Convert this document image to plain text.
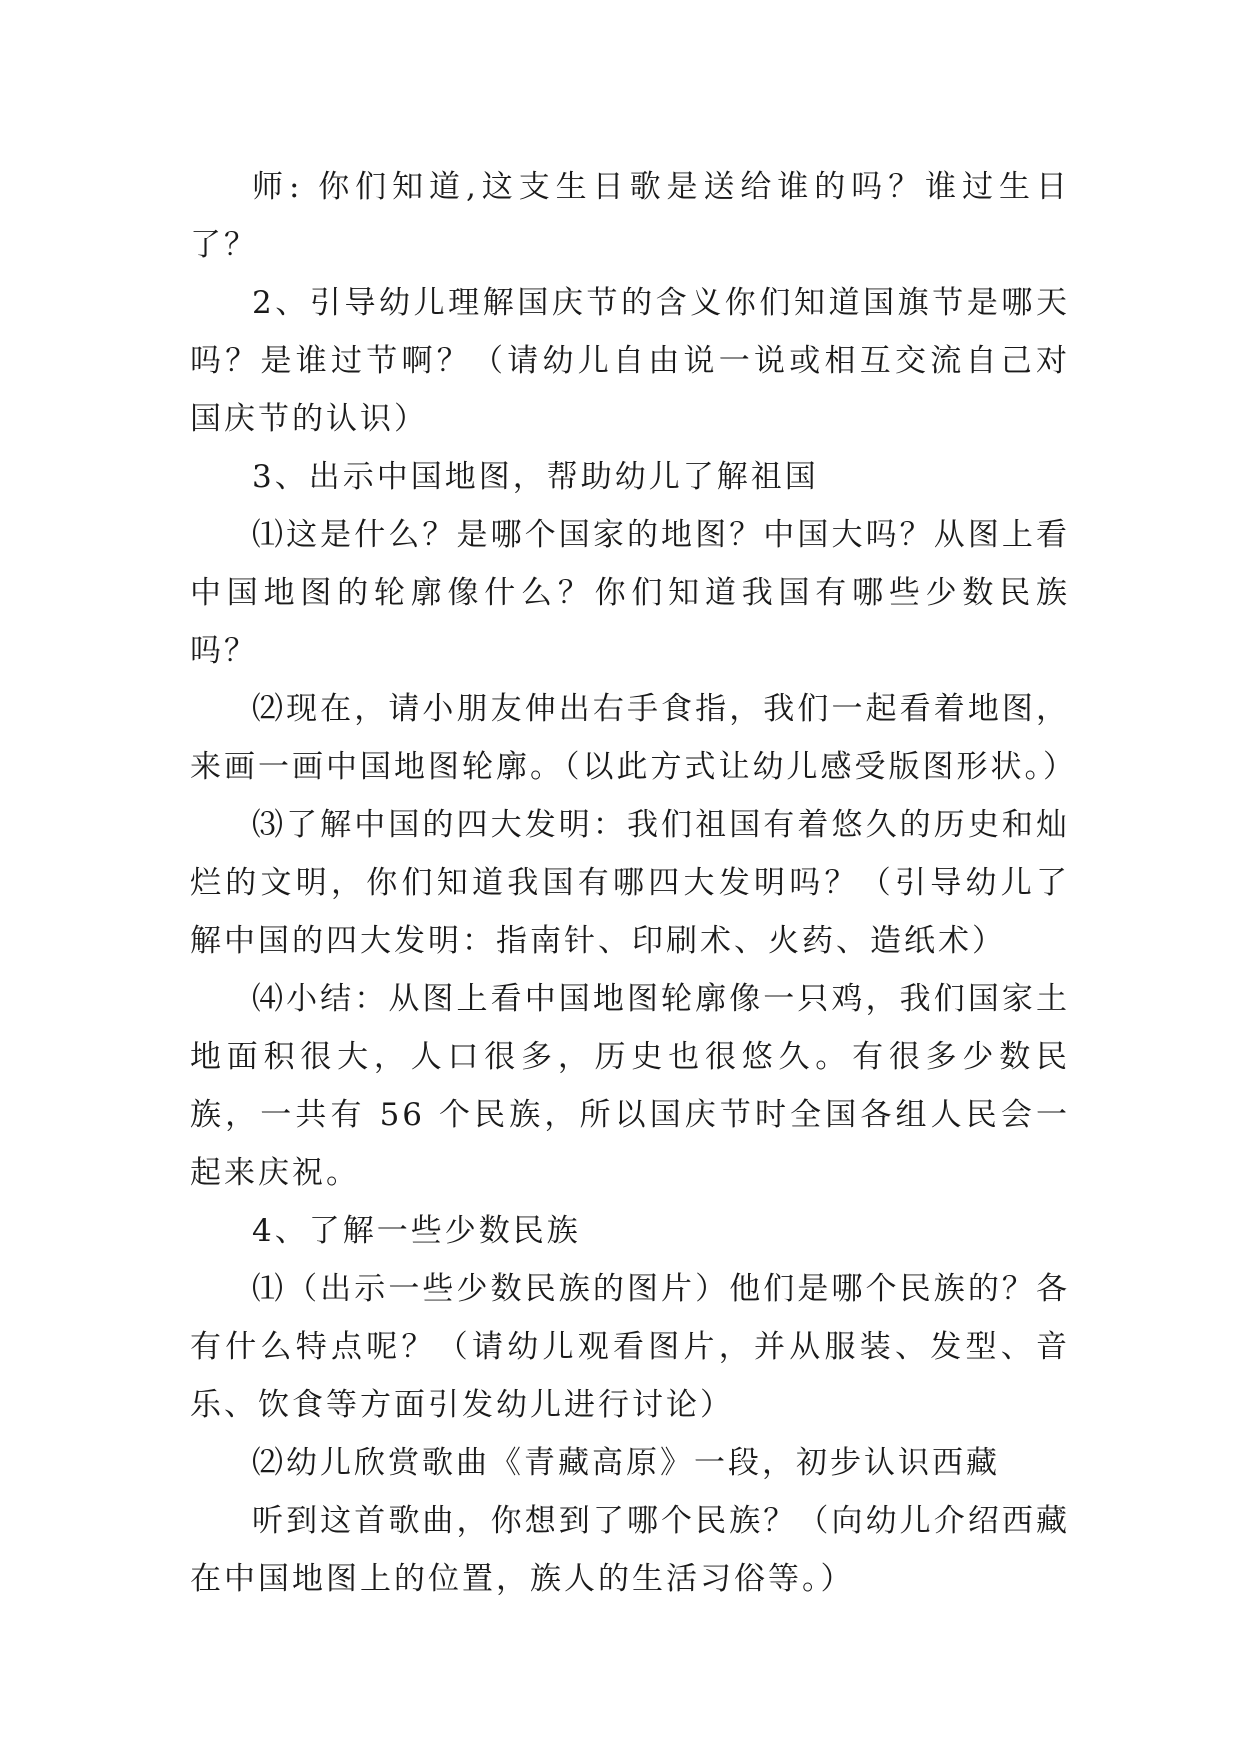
师: 你们知道,这支生日歌是送给谁的吗？谁过生日了？

2、引导幼儿理解国庆节的含义你们知道国旗节是哪天吗？是谁过节啊？（请幼儿自由说一说或相互交流自己对国庆节的认识）

3、出示中国地图，帮助幼儿了解祖国

⑴这是什么？是哪个国家的地图？中国大吗？从图上看中国地图的轮廓像什么？你们知道我国有哪些少数民族吗？

⑵现在，请小朋友伸出右手食指，我们一起看着地图，来画一画中国地图轮廓。（以此方式让幼儿感受版图形状。）

⑶了解中国的四大发明：我们祖国有着悠久的历史和灿烂的文明，你们知道我国有哪四大发明吗？（引导幼儿了解中国的四大发明：指南针、印刷术、火药、造纸术）

⑷小结：从图上看中国地图轮廓像一只鸡，我们国家土地面积很大，人口很多，历史也很悠久。有很多少数民族，一共有 56 个民族，所以国庆节时全国各组人民会一起来庆祝。

4、了解一些少数民族

⑴（出示一些少数民族的图片）他们是哪个民族的？各有什么特点呢？（请幼儿观看图片，并从服装、发型、音乐、饮食等方面引发幼儿进行讨论）

⑵幼儿欣赏歌曲《青藏高原》一段，初步认识西藏

听到这首歌曲，你想到了哪个民族？（向幼儿介绍西藏在中国地图上的位置，族人的生活习俗等。）
